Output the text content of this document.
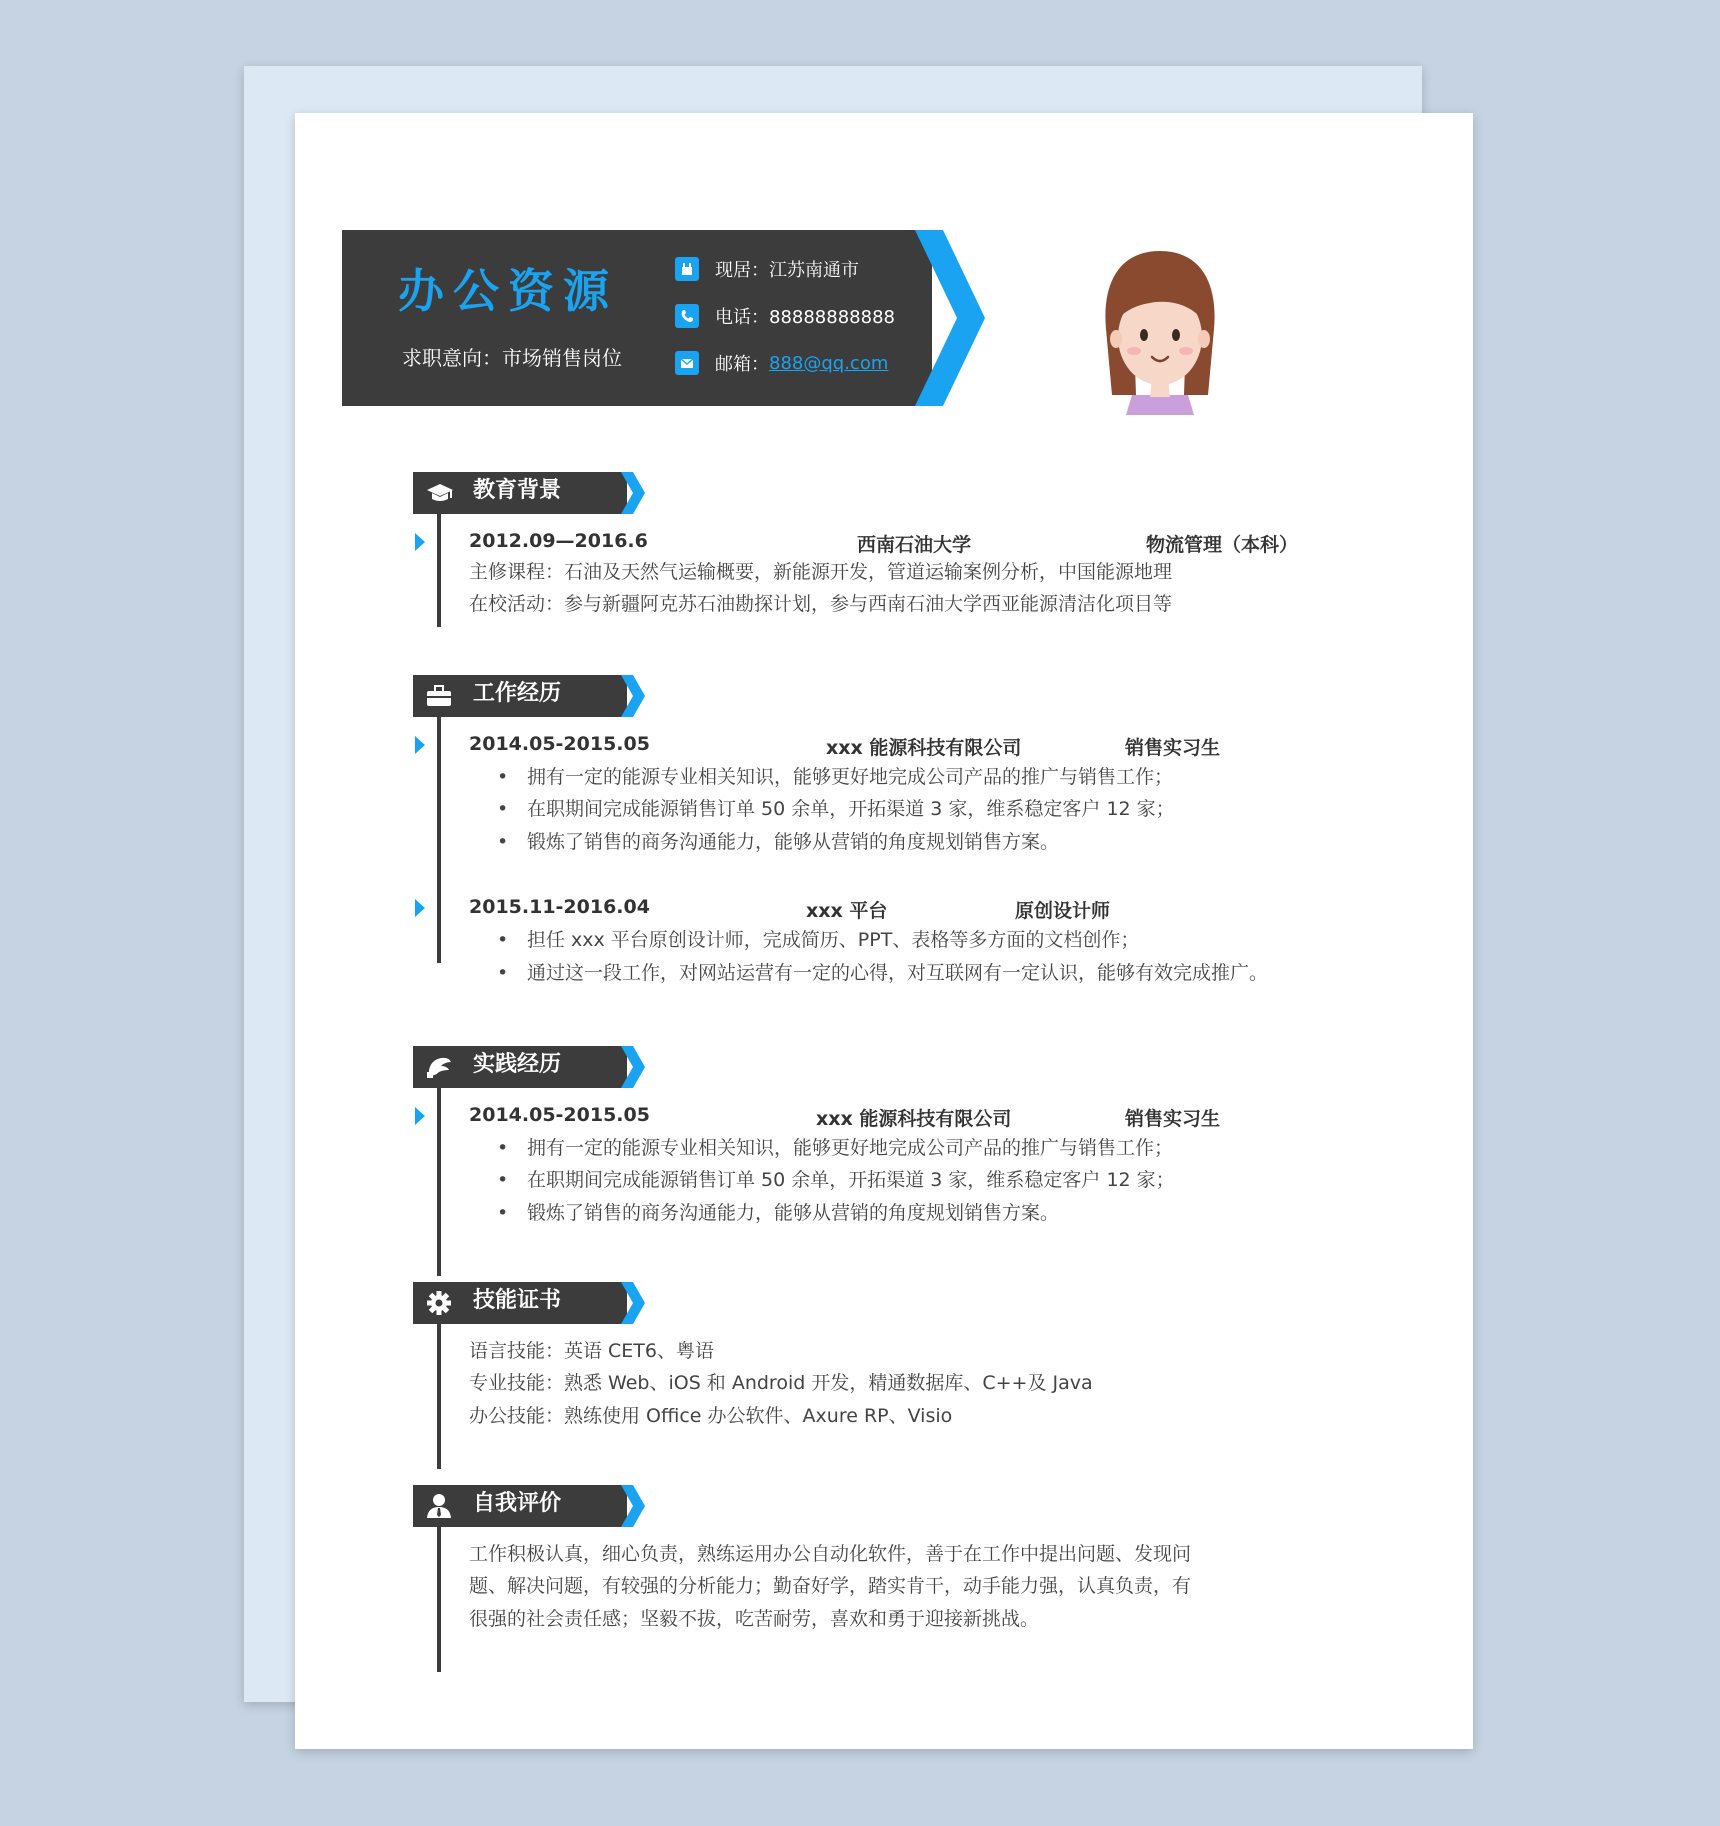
办公资源
求职意向：市场销售岗位
现居：江苏南通市
电话：88888888888
邮箱： 888@qq.com
教育背景
2012.09—2016.6	西南石油大学	物流管理（本科）
主修课程：石油及天然气运输概要，新能源开发，管道运输案例分析，中国能源地理
在校活动：参与新疆阿克苏石油勘探计划，参与西南石油大学西亚能源清洁化项目等
工作经历
2014.05-2015.05	xxx 能源科技有限公司	销售实习生
• 拥有一定的能源专业相关知识，能够更好地完成公司产品的推广与销售工作；
• 在职期间完成能源销售订单 50 余单，开拓渠道 3 家，维系稳定客户 12 家；
• 锻炼了销售的商务沟通能力，能够从营销的角度规划销售方案。
2015.11-2016.04	xxx 平台	原创设计师
• 担任 xxx 平台原创设计师，完成简历、PPT、表格等多方面的文档创作；
• 通过这一段工作，对网站运营有一定的心得，对互联网有一定认识，能够有效完成推广。
实践经历
2014.05-2015.05	xxx 能源科技有限公司	销售实习生
• 拥有一定的能源专业相关知识，能够更好地完成公司产品的推广与销售工作；
• 在职期间完成能源销售订单 50 余单，开拓渠道 3 家，维系稳定客户 12 家；
• 锻炼了销售的商务沟通能力，能够从营销的角度规划销售方案。
技能证书
语言技能：英语 CET6、粤语
专业技能：熟悉 Web、iOS 和 Android 开发，精通数据库、C++及 Java
办公技能：熟练使用 Office 办公软件、Axure RP、Visio
自我评价
工作积极认真，细心负责，熟练运用办公自动化软件，善于在工作中提出问题、发现问
题、解决问题，有较强的分析能力；勤奋好学，踏实肯干，动手能力强，认真负责，有
很强的社会责任感；坚毅不拔，吃苦耐劳，喜欢和勇于迎接新挑战。
